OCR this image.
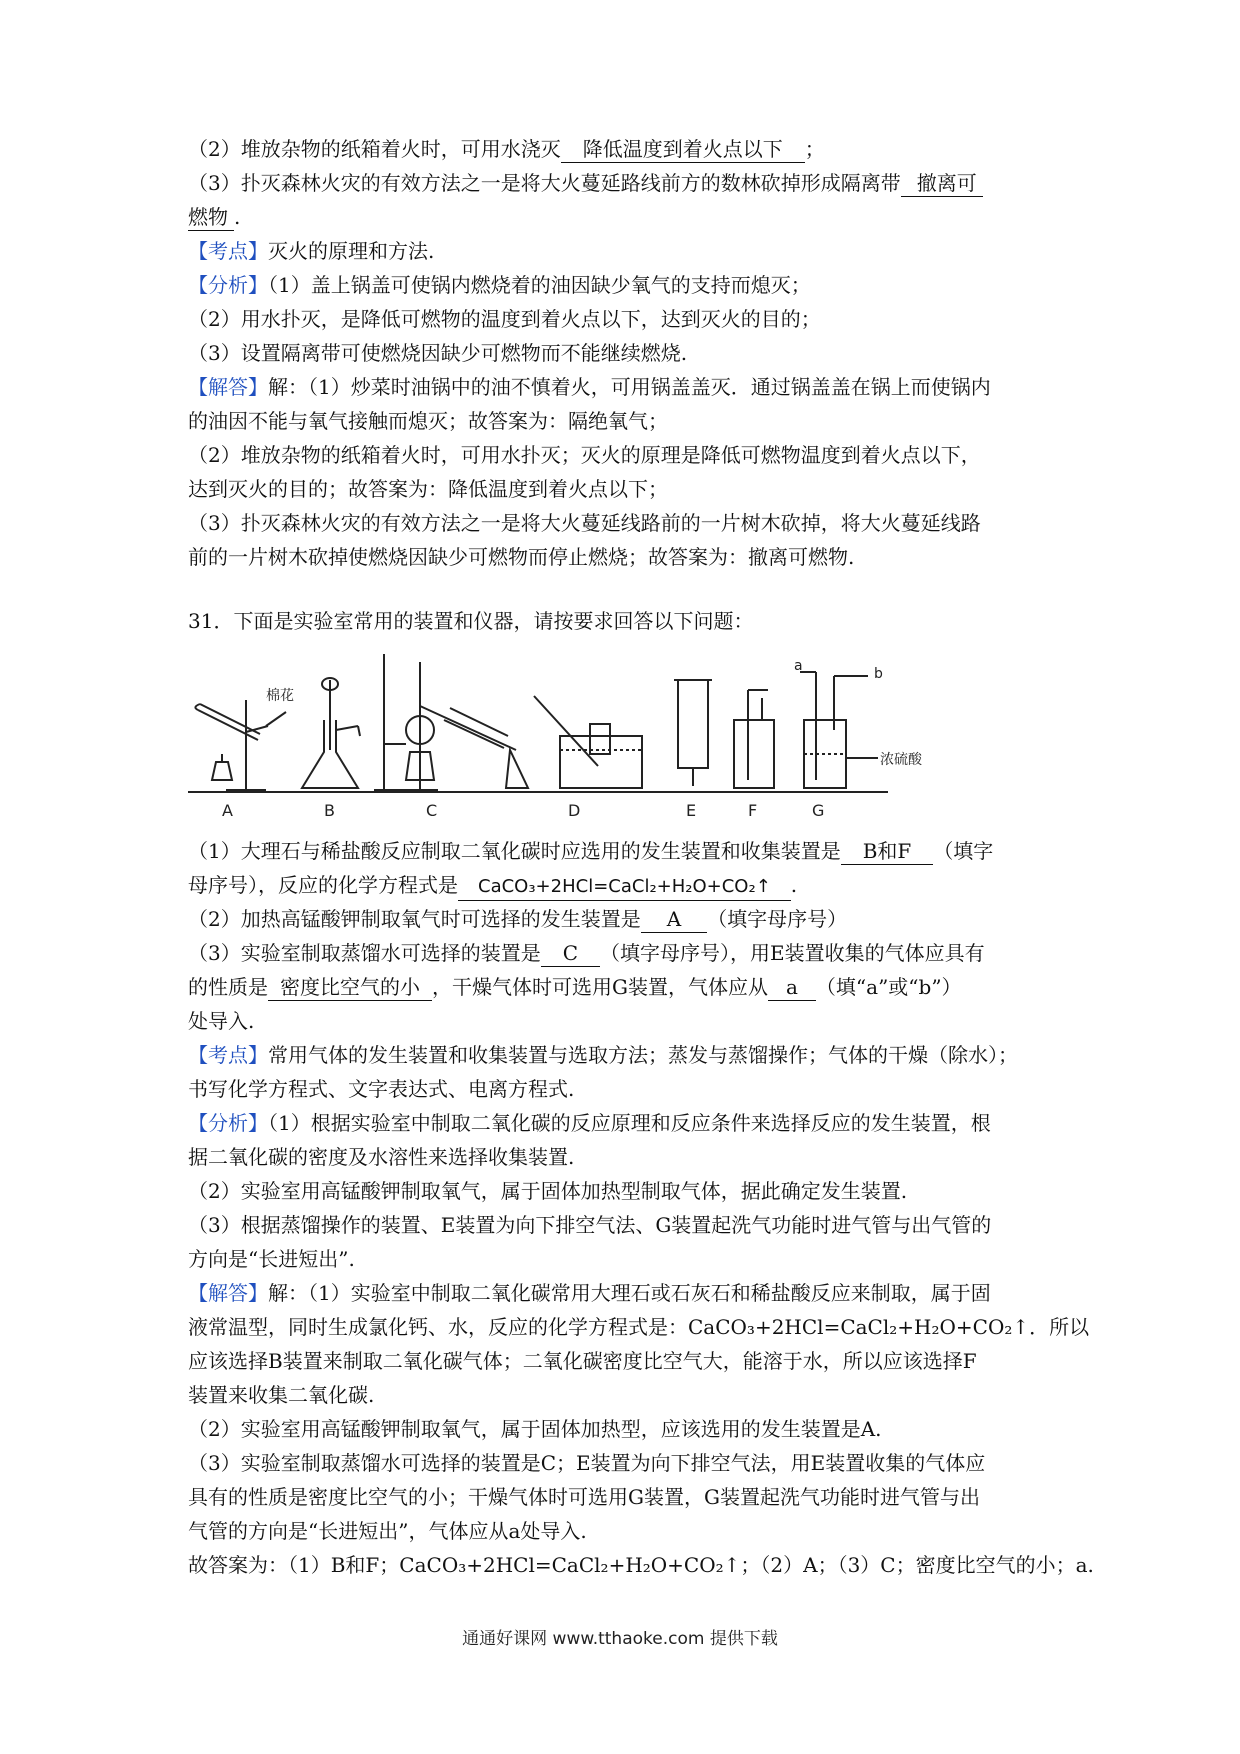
（2）堆放杂物的纸箱着火时，可用水浇灭 降低温度到着火点以下 ；

（3）扑灭森林火灾的有效方法之一是将大火蔓延路线前方的数林砍掉形成隔离带 撤离可

燃物 .

【考点】灭火的原理和方法.

【分析】（1）盖上锅盖可使锅内燃烧着的油因缺少氧气的支持而熄灭；

（2）用水扑灭，是降低可燃物的温度到着火点以下，达到灭火的目的；

（3）设置隔离带可使燃烧因缺少可燃物而不能继续燃烧.

【解答】解：（1）炒菜时油锅中的油不慎着火，可用锅盖盖灭．通过锅盖盖在锅上而使锅内

的油因不能与氧气接触而熄灭；故答案为：隔绝氧气；

（2）堆放杂物的纸箱着火时，可用水扑灭；灭火的原理是降低可燃物温度到着火点以下，

达到灭火的目的；故答案为：降低温度到着火点以下；

（3）扑灭森林火灾的有效方法之一是将大火蔓延线路前的一片树木砍掉，将大火蔓延线路

前的一片树木砍掉使燃烧因缺少可燃物而停止燃烧；故答案为：撤离可燃物.

31．下面是实验室常用的装置和仪器，请按要求回答以下问题：

棉花
a	b
浓硫酸
A	B	C	D	E	F	G

（1）大理石与稀盐酸反应制取二氧化碳时应选用的发生装置和收集装置是 B和F （填字

母序号），反应的化学方程式是 CaCO₃+2HCl=CaCl₂+H₂O+CO₂↑ .

（2）加热高锰酸钾制取氧气时可选择的发生装置是 A （填字母序号）

（3）实验室制取蒸馏水可选择的装置是 C （填字母序号），用E装置收集的气体应具有

的性质是 密度比空气的小 ，干燥气体时可选用G装置，气体应从 a （填“a”或“b”）

处导入.

【考点】常用气体的发生装置和收集装置与选取方法；蒸发与蒸馏操作；气体的干燥（除水）；

书写化学方程式、文字表达式、电离方程式.

【分析】（1）根据实验室中制取二氧化碳的反应原理和反应条件来选择反应的发生装置，根

据二氧化碳的密度及水溶性来选择收集装置.

（2）实验室用高锰酸钾制取氧气，属于固体加热型制取气体，据此确定发生装置.

（3）根据蒸馏操作的装置、E装置为向下排空气法、G装置起洗气功能时进气管与出气管的

方向是“长进短出”.

【解答】解：（1）实验室中制取二氧化碳常用大理石或石灰石和稀盐酸反应来制取，属于固

液常温型，同时生成氯化钙、水，反应的化学方程式是：CaCO₃+2HCl=CaCl₂+H₂O+CO₂↑．所以

应该选择B装置来制取二氧化碳气体；二氧化碳密度比空气大，能溶于水，所以应该选择F

装置来收集二氧化碳.

（2）实验室用高锰酸钾制取氧气，属于固体加热型，应该选用的发生装置是A.

（3）实验室制取蒸馏水可选择的装置是C；E装置为向下排空气法，用E装置收集的气体应

具有的性质是密度比空气的小；干燥气体时可选用G装置，G装置起洗气功能时进气管与出

气管的方向是“长进短出”，气体应从a处导入.

故答案为：（1）B和F；CaCO₃+2HCl=CaCl₂+H₂O+CO₂↑；（2）A；（3）C；密度比空气的小；a.

通通好课网 www.tthaoke.com 提供下载
